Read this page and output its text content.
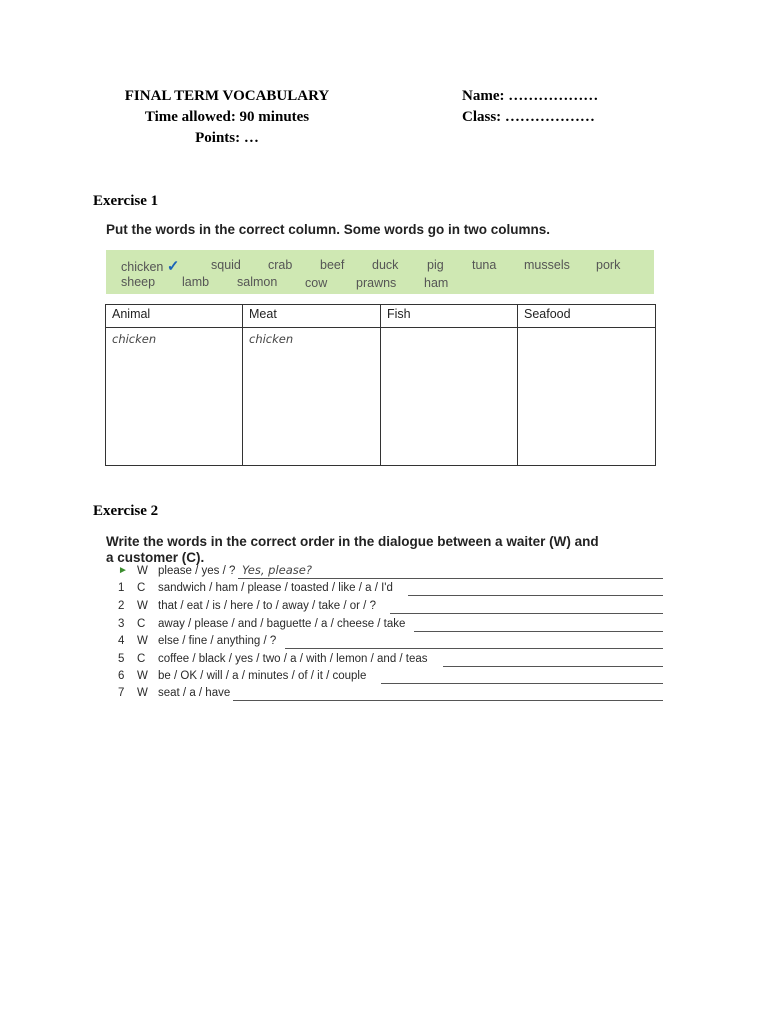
FINAL TERM VOCABULARY
Time allowed: 90 minutes
Points: …
Name: ………………
Class: ………………
Exercise 1
Put the words in the correct column. Some words go in two columns.
chicken ✓	squid crab beef duck pig tuna mussels pork
sheep lamb salmon cow prawns ham
Animal	Meat	Fish	Seafood
chicken	chicken		
Exercise 2
Write the words in the correct order in the dialogue between a waiter (W) and
a customer (C).
► W please / yes / ? Yes, please?
1	C sandwich / ham / please / toasted / like / a / I'd
2	W that / eat / is / here / to / away / take / or / ?
3	C away / please / and / baguette / a / cheese / take
4	W else / fine / anything / ?
5	C coffee / black / yes / two / a / with / lemon / and / teas
6	W be / OK / will / a / minutes / of / it / couple
7	W seat / a / have
